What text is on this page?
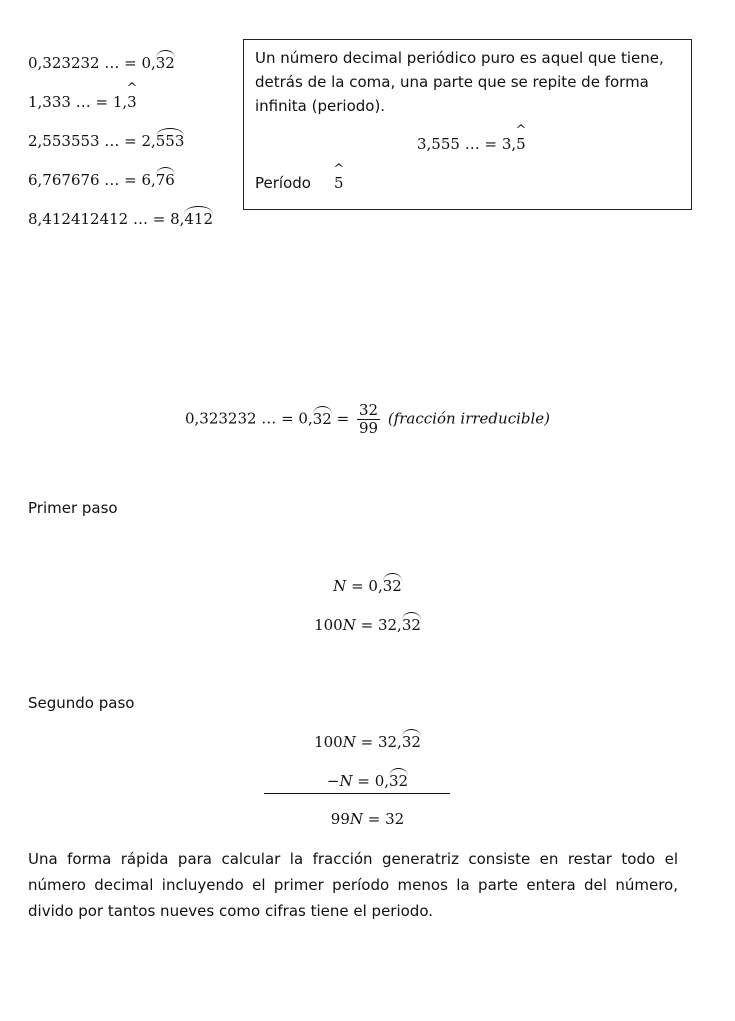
0,323232 … = 0,32
1,333 … = 1,^ 3
2,553553 … = 2,553
6,767676 … = 6,76
8,412412412 … = 8,412
Un número decimal periódico puro es aquel que tiene, detrás de la coma, una parte que se repite de forma infinita (periodo).
3,555 … = 3,^ 5
Período
^ 5
0,323232 … = $0,32 = \frac{32}{99}$ (fracción irreducible)
Primer paso
N = 0,32
100N = 32,32
Segundo paso
100N = 32,32
−N = 0,32
99N = 32
Una forma rápida para calcular la fracción generatriz consiste en restar todo el número decimal incluyendo el primer período menos la parte entera del número, divido por tantos nueves como cifras tiene el periodo.
